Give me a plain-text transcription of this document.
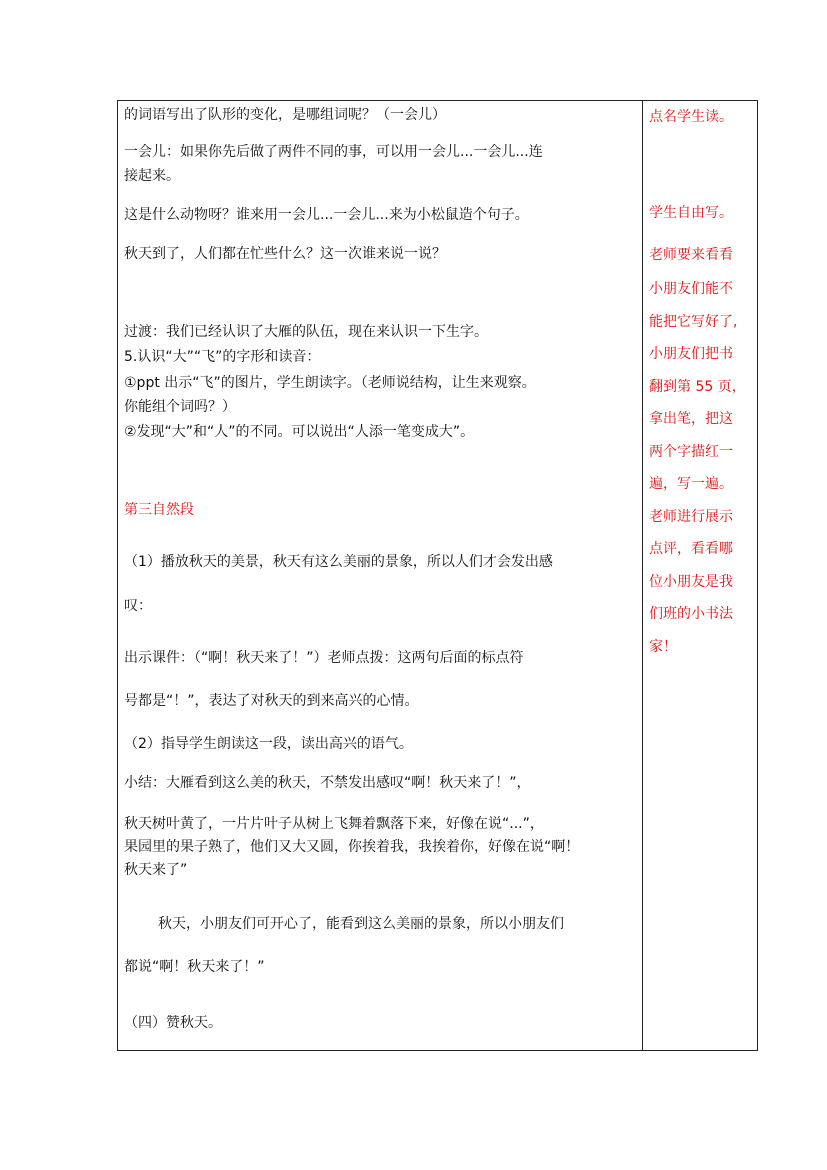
的词语写出了队形的变化，是哪组词呢？（一会儿）
一会儿：如果你先后做了两件不同的事，可以用一会儿...一会儿...连
接起来。
这是什么动物呀？谁来用一会儿...一会儿...来为小松鼠造个句子。
秋天到了，人们都在忙些什么？这一次谁来说一说？
过渡：我们已经认识了大雁的队伍，现在来认识一下生字。
5.认识“大”“飞”的字形和读音：
①ppt 出示“飞”的图片，学生朗读字。（老师说结构，让生来观察。
你能组个词吗？）
②发现“大”和“人”的不同。可以说出“人添一笔变成大”。
第三自然段
（1）播放秋天的美景，秋天有这么美丽的景象，所以人们才会发出感
叹：
出示课件：（“啊！秋天来了！”）老师点拨：这两句后面的标点符
号都是“！”，表达了对秋天的到来高兴的心情。
（2）指导学生朗读这一段，读出高兴的语气。
小结：大雁看到这么美的秋天，不禁发出感叹“啊！秋天来了！”，
秋天树叶黄了，一片片叶子从树上飞舞着飘落下来，好像在说“...”，
果园里的果子熟了，他们又大又圆，你挨着我，我挨着你，好像在说“啊！
秋天来了”
秋天，小朋友们可开心了，能看到这么美丽的景象，所以小朋友们
都说“啊！秋天来了！”
（四）赞秋天。
点名学生读。
学生自由写。
老师要来看看
小朋友们能不
能把它写好了,
小朋友们把书
翻到第 55 页，
拿出笔，把这
两个字描红一
遍，写一遍。
老师进行展示
点评，看看哪
位小朋友是我
们班的小书法
家！
